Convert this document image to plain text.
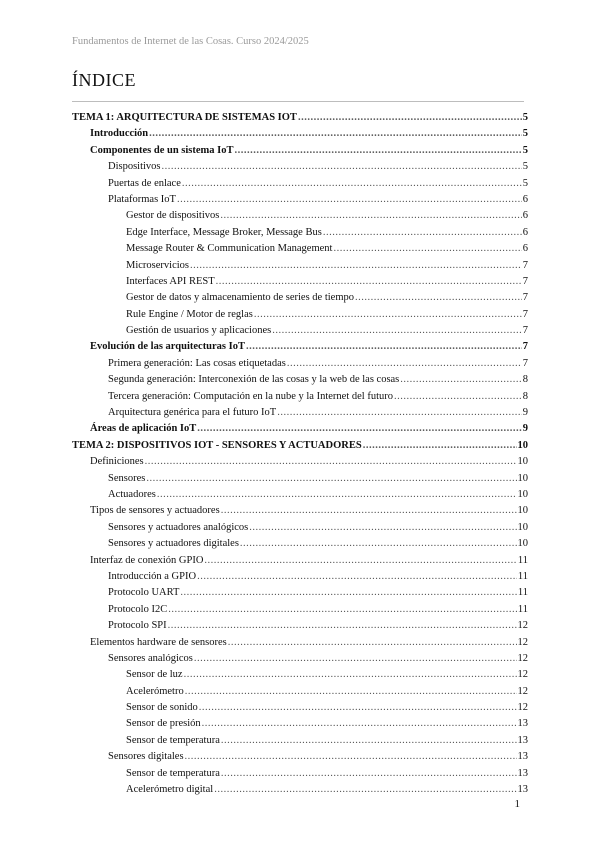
Fundamentos de Internet de las Cosas. Curso 2024/2025
ÍNDICE
TEMA 1: ARQUITECTURA DE SISTEMAS IOT .....	5
Introducción .....	5
Componentes de un sistema IoT .....	5
Dispositivos .....	5
Puertas de enlace .....	5
Plataformas IoT .....	6
Gestor de dispositivos .....	6
Edge Interface, Message Broker, Message Bus .....	6
Message Router & Communication Management .....	6
Microservicios .....	7
Interfaces API REST .....	7
Gestor de datos y almacenamiento de series de tiempo .....	7
Rule Engine / Motor de reglas .....	7
Gestión de usuarios y aplicaciones .....	7
Evolución de las arquitecturas IoT .....	7
Primera generación: Las cosas etiquetadas .....	7
Segunda generación: Interconexión de las cosas y la web de las cosas .....	8
Tercera generación: Computación en la nube y la Internet del futuro .....	8
Arquitectura genérica para el futuro IoT .....	9
Áreas de aplicación IoT .....	9
TEMA 2: DISPOSITIVOS IOT - SENSORES Y ACTUADORES .....	10
Definiciones .....	10
Sensores .....	10
Actuadores .....	10
Tipos de sensores y actuadores .....	10
Sensores y actuadores analógicos .....	10
Sensores y actuadores digitales .....	10
Interfaz de conexión GPIO .....	11
Introducción a GPIO .....	11
Protocolo UART .....	11
Protocolo I2C .....	11
Protocolo SPI .....	12
Elementos hardware de sensores .....	12
Sensores analógicos .....	12
Sensor de luz .....	12
Acelerómetro .....	12
Sensor de sonido .....	12
Sensor de presión .....	13
Sensor de temperatura .....	13
Sensores digitales .....	13
Sensor de temperatura .....	13
Acelerómetro digital .....	13
1
